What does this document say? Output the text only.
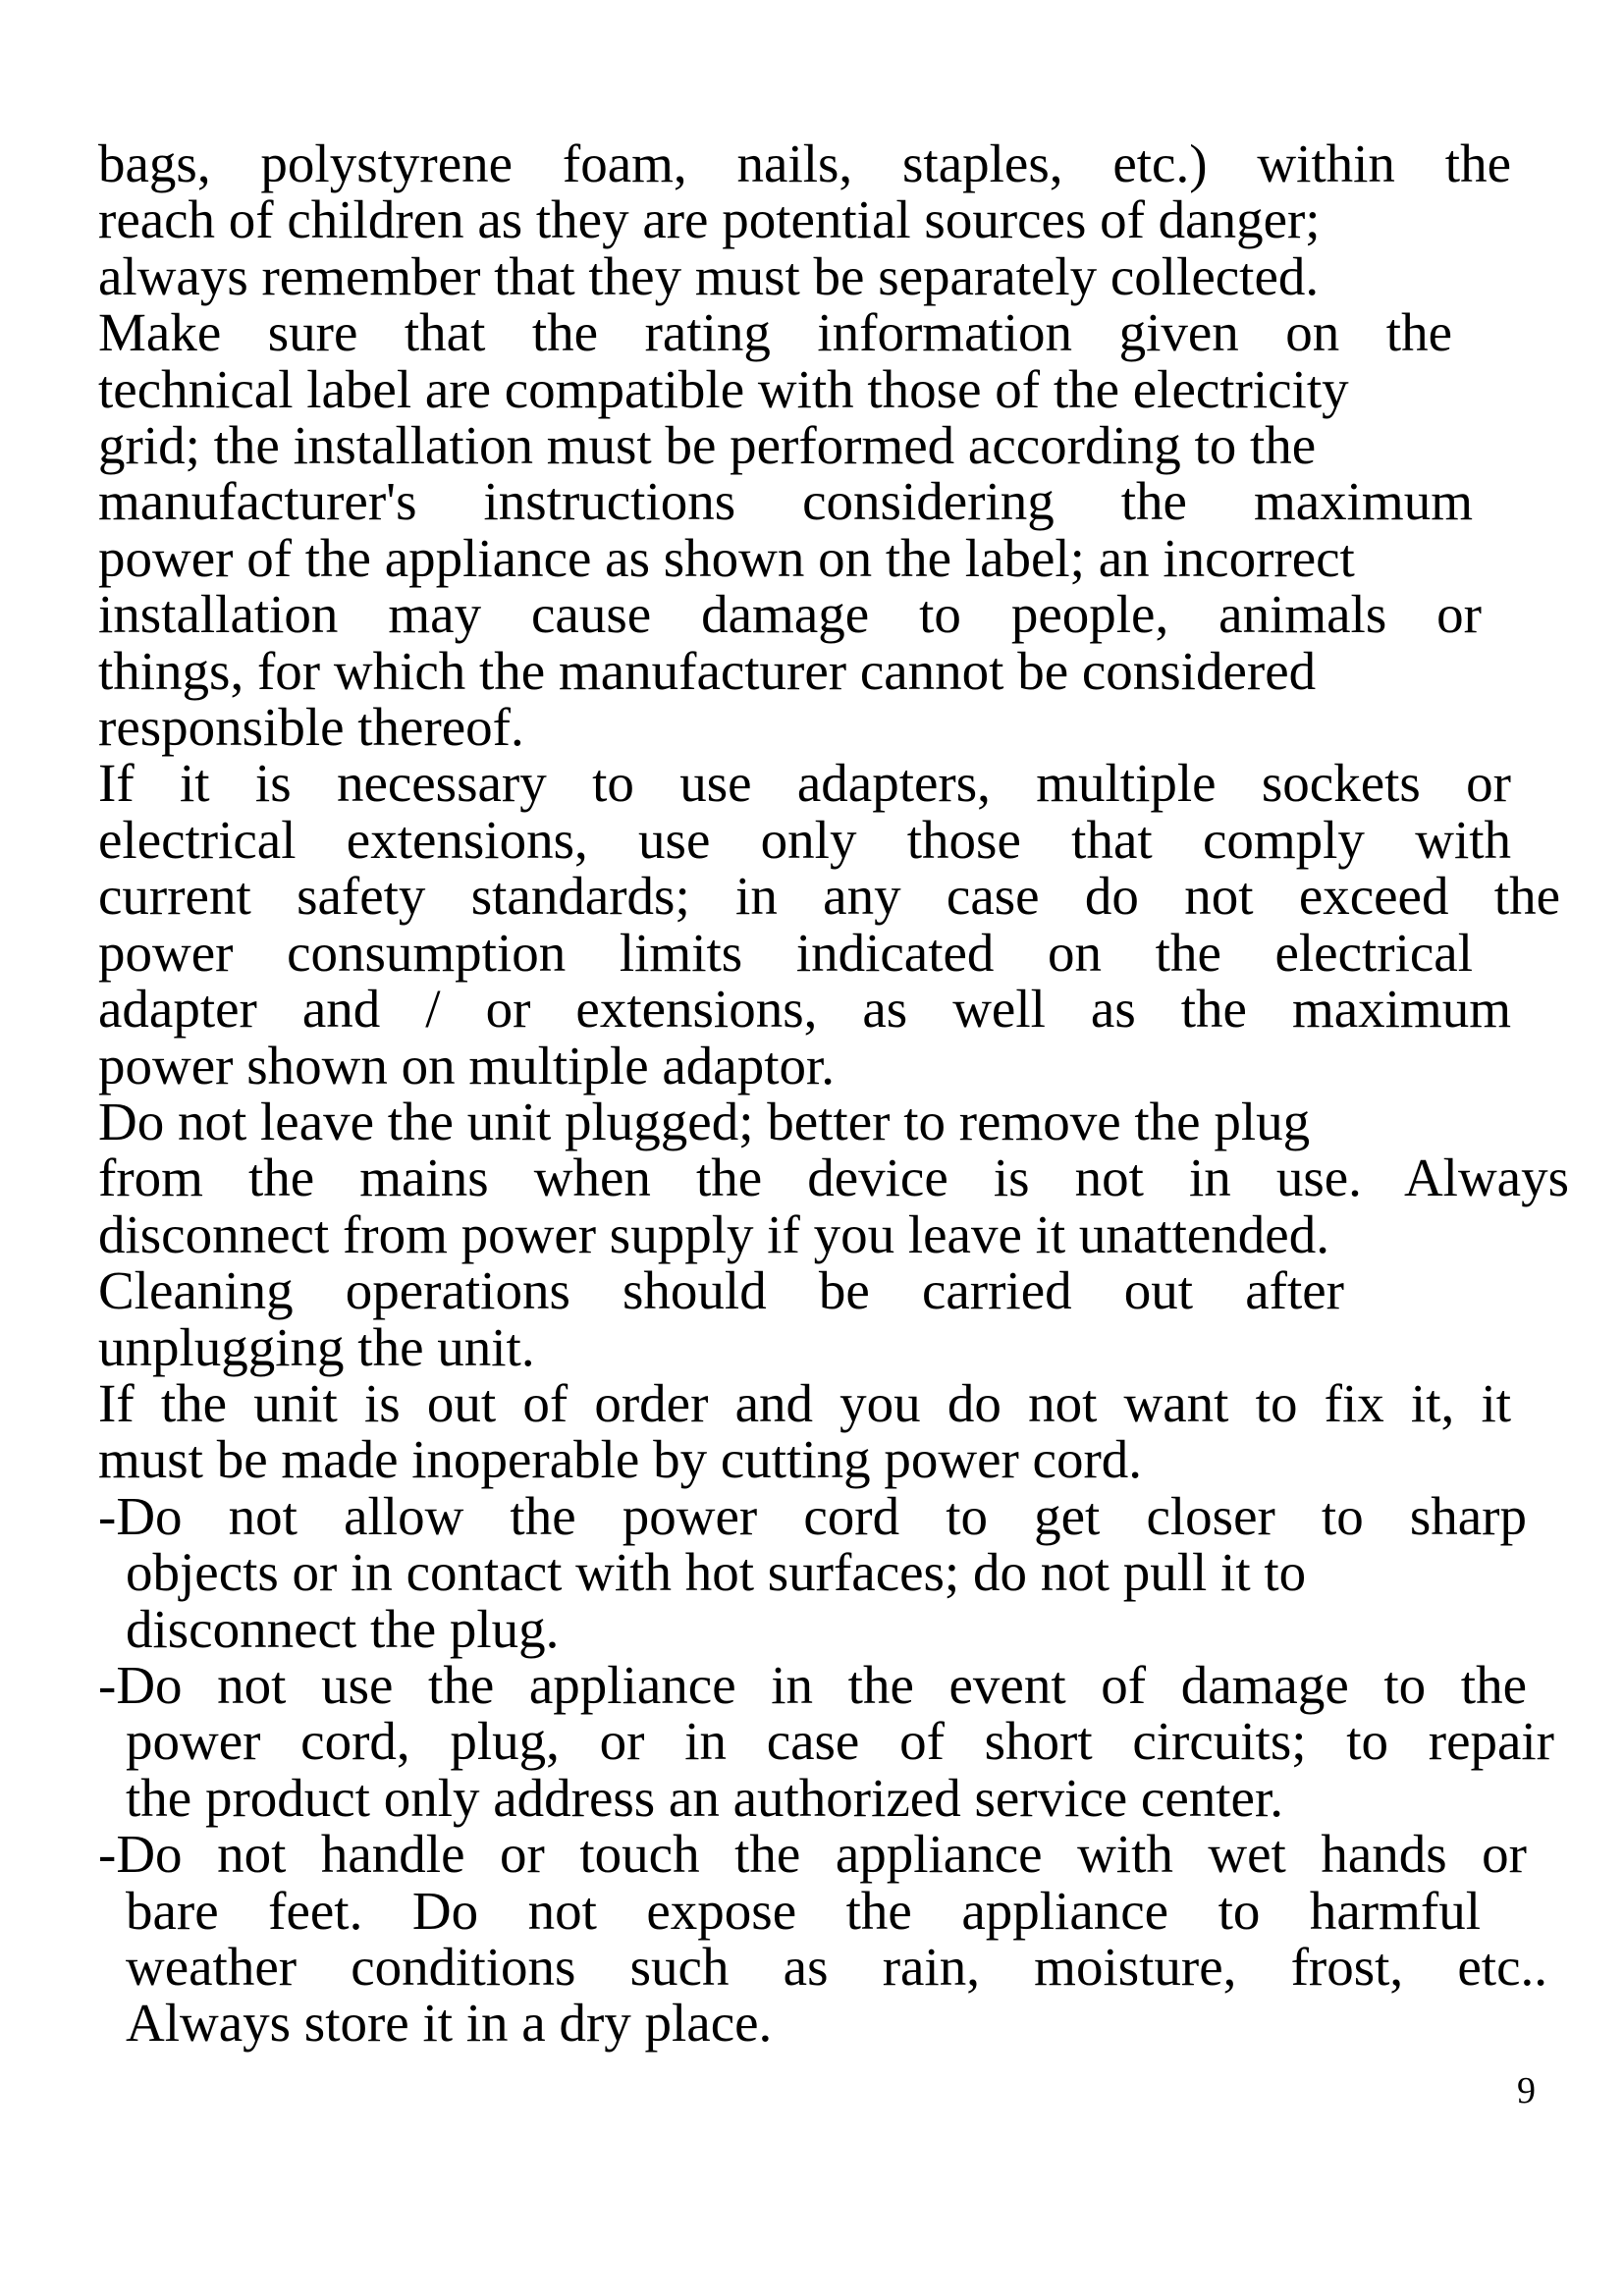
bags, polystyrene foam, nails, staples, etc.) within the
reach of children as they are potential sources of danger;
always remember that they must be separately collected.
Make sure that the rating information given on the
technical label are compatible with those of the electricity
grid; the installation must be performed according to the
manufacturer's instructions considering the maximum
power of the appliance as shown on the label; an incorrect
installation may cause damage to people, animals or
things, for which the manufacturer cannot be considered
responsible thereof.
If it is necessary to use adapters, multiple sockets or
electrical extensions, use only those that comply with
current safety standards; in any case do not exceed the
power consumption limits indicated on the electrical
adapter and / or extensions, as well as the maximum
power shown on multiple adaptor.
Do not leave the unit plugged; better to remove the plug
from the mains when the device is not in use. Always
disconnect from power supply if you leave it unattended.
Cleaning operations should be carried out after
unplugging the unit.
If the unit is out of order and you do not want to fix it, it
must be made inoperable by cutting power cord.
-Do not allow the power cord to get closer to sharp
objects or in contact with hot surfaces; do not pull it to
disconnect the plug.
-Do not use the appliance in the event of damage to the
power cord, plug, or in case of short circuits; to repair
the product only address an authorized service center.
-Do not handle or touch the appliance with wet hands or
bare feet. Do not expose the appliance to harmful
weather conditions such as rain, moisture, frost, etc..
Always store it in a dry place.
9
